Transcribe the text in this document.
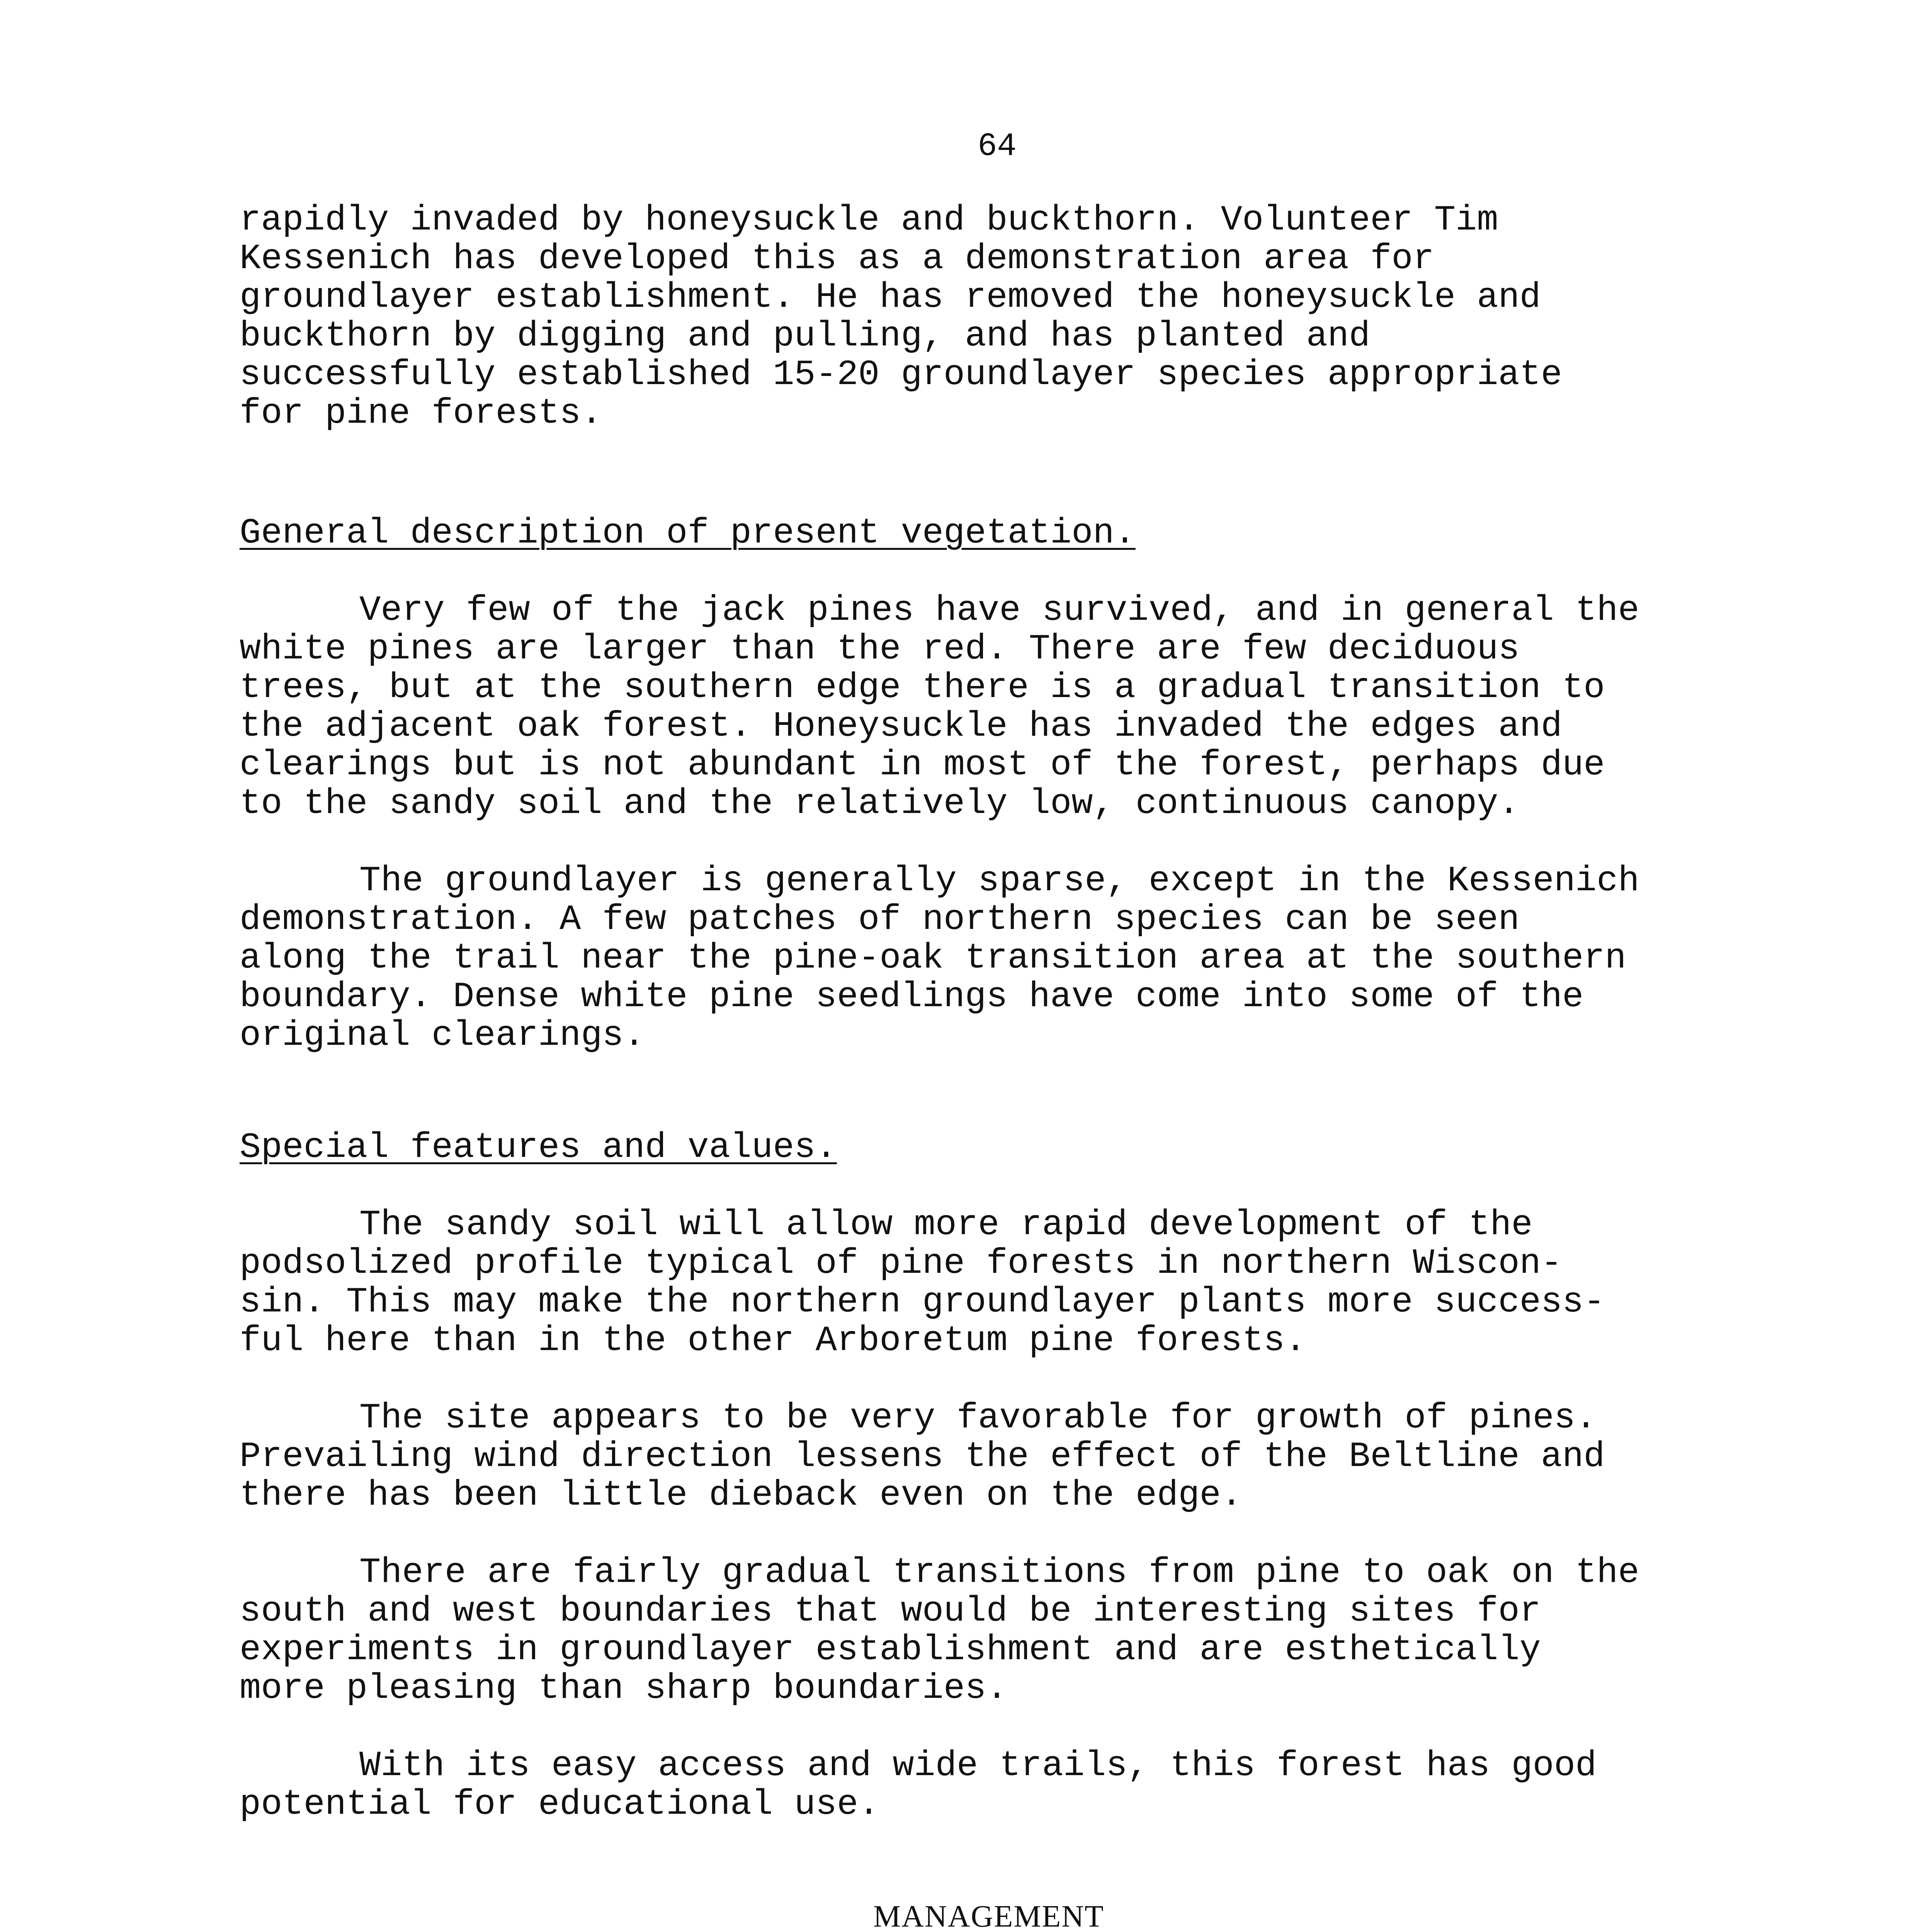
64
rapidly invaded by honeysuckle and buckthorn. Volunteer Tim
Kessenich has developed this as a demonstration area for
groundlayer establishment. He has removed the honeysuckle and
buckthorn by digging and pulling, and has planted and
successfully established 15-20 groundlayer species appropriate
for pine forests.
General description of present vegetation.
Very few of the jack pines have survived, and in general the
white pines are larger than the red. There are few deciduous
trees, but at the southern edge there is a gradual transition to
the adjacent oak forest. Honeysuckle has invaded the edges and
clearings but is not abundant in most of the forest, perhaps due
to the sandy soil and the relatively low, continuous canopy.
The groundlayer is generally sparse, except in the Kessenich
demonstration. A few patches of northern species can be seen
along the trail near the pine-oak transition area at the southern
boundary. Dense white pine seedlings have come into some of the
original clearings.
Special features and values.
The sandy soil will allow more rapid development of the
podsolized profile typical of pine forests in northern Wiscon-
sin. This may make the northern groundlayer plants more success-
ful here than in the other Arboretum pine forests.
The site appears to be very favorable for growth of pines.
Prevailing wind direction lessens the effect of the Beltline and
there has been little dieback even on the edge.
There are fairly gradual transitions from pine to oak on the
south and west boundaries that would be interesting sites for
experiments in groundlayer establishment and are esthetically
more pleasing than sharp boundaries.
With its easy access and wide trails, this forest has good
potential for educational use.
MANAGEMENT
